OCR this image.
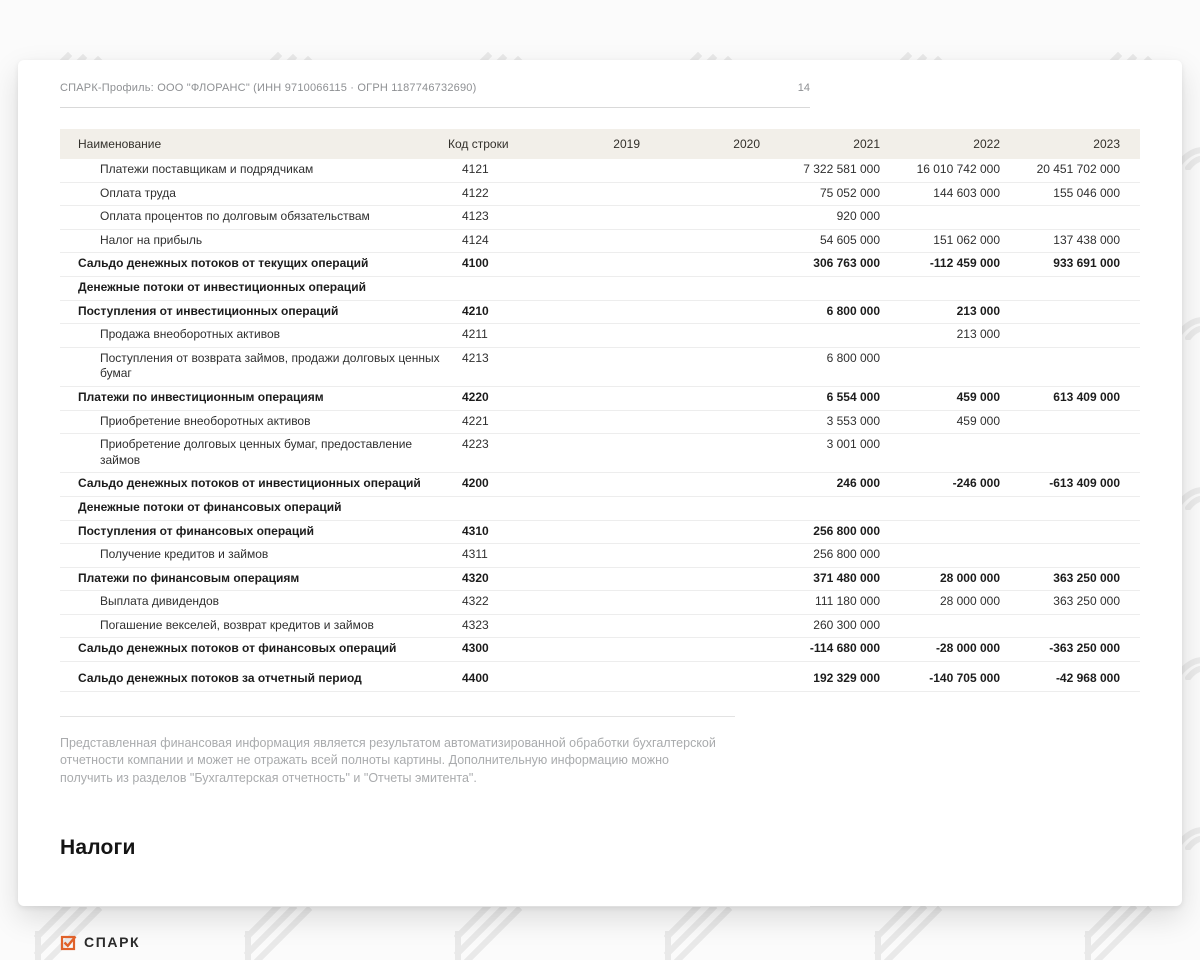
СПАРК-Профиль: ООО "ФЛОРАНС" (ИНН 9710066115 · ОГРН 1187746732690)	14
Наименование	Код строки	2019	2020	2021	2022	2023
Платежи поставщикам и подрядчикам	4121			7 322 581 000	16 010 742 000	20 451 702 000
Оплата труда	4122			75 052 000	144 603 000	155 046 000
Оплата процентов по долговым обязательствам	4123			920 000		
Налог на прибыль	4124			54 605 000	151 062 000	137 438 000
Сальдо денежных потоков от текущих операций	4100			306 763 000	-112 459 000	933 691 000
Денежные потоки от инвестиционных операций						
Поступления от инвестиционных операций	4210			6 800 000	213 000	
Продажа внеоборотных активов	4211				213 000	
Поступления от возврата займов, продажи долговых ценных бумаг	4213			6 800 000		
Платежи по инвестиционным операциям	4220			6 554 000	459 000	613 409 000
Приобретение внеоборотных активов	4221			3 553 000	459 000	
Приобретение долговых ценных бумаг, предоставление займов	4223			3 001 000		
Сальдо денежных потоков от инвестиционных операций	4200			246 000	-246 000	-613 409 000
Денежные потоки от финансовых операций						
Поступления от финансовых операций	4310			256 800 000		
Получение кредитов и займов	4311			256 800 000		
Платежи по финансовым операциям	4320			371 480 000	28 000 000	363 250 000
Выплата дивидендов	4322			111 180 000	28 000 000	363 250 000
Погашение векселей, возврат кредитов и займов	4323			260 300 000		
Сальдо денежных потоков от финансовых операций	4300			-114 680 000	-28 000 000	-363 250 000
Сальдо денежных потоков за отчетный период	4400			192 329 000	-140 705 000	-42 968 000

Представленная финансовая информация является результатом автоматизированной обработки бухгалтерской отчетности компании и может не отражать всей полноты картины. Дополнительную информацию можно получить из разделов "Бухгалтерская отчетность" и "Отчеты эмитента".

Налоги
СПАРК
